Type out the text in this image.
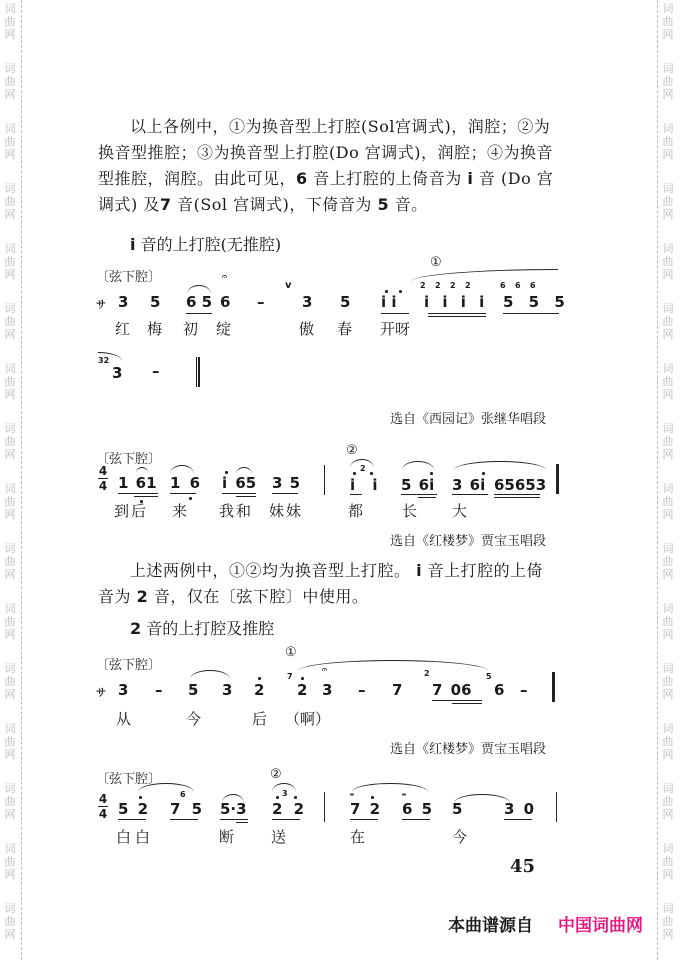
词
曲
网
词
曲
网
词
曲
网
词
曲
网
词
曲
网
词
曲
网
词
曲
网
词
曲
网
词
曲
网
词
曲
网
词
曲
网
词
曲
网
词
曲
网
词
曲
网
词
曲
网
词
曲
网
词
曲
网
词
曲
网
词
曲
网
词
曲
网
词
曲
网
词
曲
网
词
曲
网
词
曲
网
词
曲
网
词
曲
网
词
曲
网
词
曲
网
词
曲
网
词
曲
网
词
曲
网
词
曲
网
以上各例中，①为换音型上打腔(Sol宫调式)，润腔；②为换音型推腔；③为换音型上打腔(Do 宫调式)，润腔；④为换音型推腔，润腔。由此可见，6 音上打腔的上倚音为 i 音 (Do 宫调式) 及7 音(Sol 宫调式)，下倚音为 5 音。
i 音的上打腔(无推腔)
〔弦下腔〕
サ 3 5 6 5 6
𝄐
–
v
3 5 i i
①
i i i i
2 2 2 2
5 5 5
6 6 6
红 梅 初 绽	傲 春 开呀
32
3 –
选自《西园记》张继华唱段
〔弦下腔〕
4
4 1 61 1 6 i 65 3 5
②
2
i i 5 6i 3 6i 65653
到后 来 我和 妹妹	都	长 大
选自《红楼梦》贾宝玉唱段
上述两例中，①②均为换音型上打腔。 i 音上打腔的上倚音为 2 音，仅在〔弦下腔〕中使用。
2 音的上打腔及推腔
〔弦下腔〕
サ 3 – 5 3 2
①
7
2 3
𝄐
– 7
2
7 06
5
6 –
从	今	后 （啊）
选自《红楼梦》贾宝玉唱段
〔弦下腔〕
4
4 5 2
6
7 5 5·3
②
3
2 2
𝆗
7 2
𝆗
6 5 5	3 0
白白	断 送	在	今
45
本曲谱源自 中国词曲网
